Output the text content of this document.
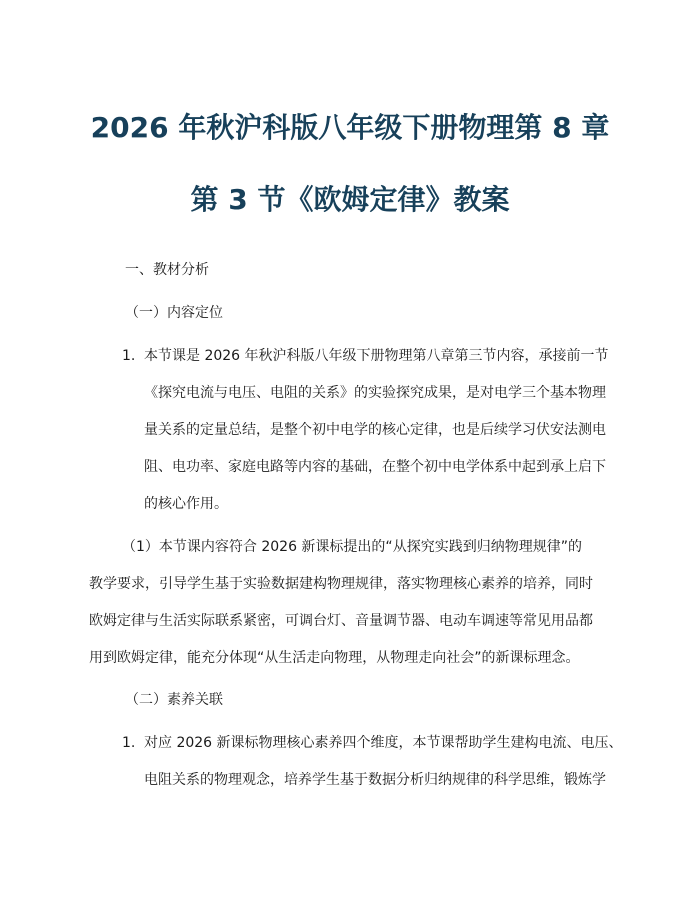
2026 年秋沪科版八年级下册物理第 8 章
第 3 节《欧姆定律》教案
一、教材分析
（一）内容定位
1. 本节课是 2026 年秋沪科版八年级下册物理第八章第三节内容，承接前一节
《探究电流与电压、电阻的关系》的实验探究成果，是对电学三个基本物理
量关系的定量总结，是整个初中电学的核心定律，也是后续学习伏安法测电
阻、电功率、家庭电路等内容的基础，在整个初中电学体系中起到承上启下
的核心作用。
（1）本节课内容符合 2026 新课标提出的“从探究实践到归纳物理规律”的
教学要求，引导学生基于实验数据建构物理规律，落实物理核心素养的培养，同时
欧姆定律与生活实际联系紧密，可调台灯、音量调节器、电动车调速等常见用品都
用到欧姆定律，能充分体现“从生活走向物理，从物理走向社会”的新课标理念。
（二）素养关联
1. 对应 2026 新课标物理核心素养四个维度，本节课帮助学生建构电流、电压、
电阻关系的物理观念，培养学生基于数据分析归纳规律的科学思维，锻炼学
